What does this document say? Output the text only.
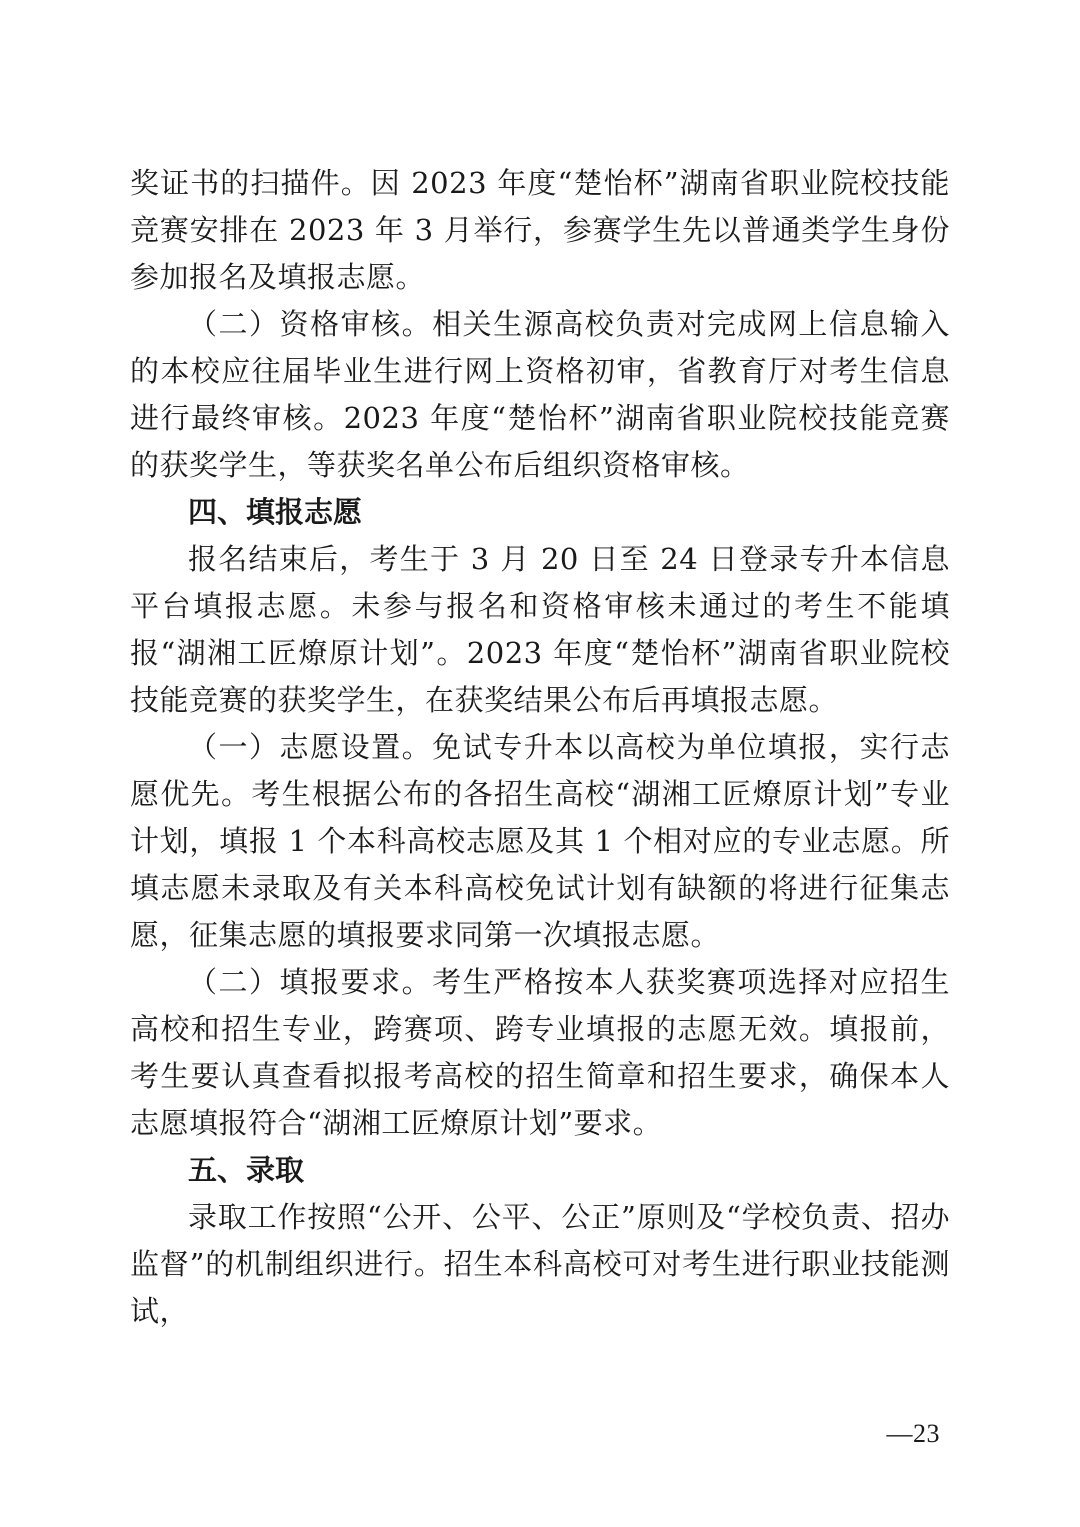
奖证书的扫描件。因 2023 年度“楚怡杯”湖南省职业院校技能竞赛安排在 2023 年 3 月举行，参赛学生先以普通类学生身份参加报名及填报志愿。

（二）资格审核。相关生源高校负责对完成网上信息输入的本校应往届毕业生进行网上资格初审，省教育厅对考生信息进行最终审核。2023 年度“楚怡杯”湖南省职业院校技能竞赛的获奖学生，等获奖名单公布后组织资格审核。

四、填报志愿

报名结束后，考生于 3 月 20 日至 24 日登录专升本信息平台填报志愿。未参与报名和资格审核未通过的考生不能填报“湖湘工匠燎原计划”。2023 年度“楚怡杯”湖南省职业院校技能竞赛的获奖学生，在获奖结果公布后再填报志愿。

（一）志愿设置。免试专升本以高校为单位填报，实行志愿优先。考生根据公布的各招生高校“湖湘工匠燎原计划”专业计划，填报 1 个本科高校志愿及其 1 个相对应的专业志愿。所填志愿未录取及有关本科高校免试计划有缺额的将进行征集志愿，征集志愿的填报要求同第一次填报志愿。

（二）填报要求。考生严格按本人获奖赛项选择对应招生高校和招生专业，跨赛项、跨专业填报的志愿无效。填报前，考生要认真查看拟报考高校的招生简章和招生要求，确保本人志愿填报符合“湖湘工匠燎原计划”要求。

五、录取

录取工作按照“公开、公平、公正”原则及“学校负责、招办监督”的机制组织进行。招生本科高校可对考生进行职业技能测试，

—23
